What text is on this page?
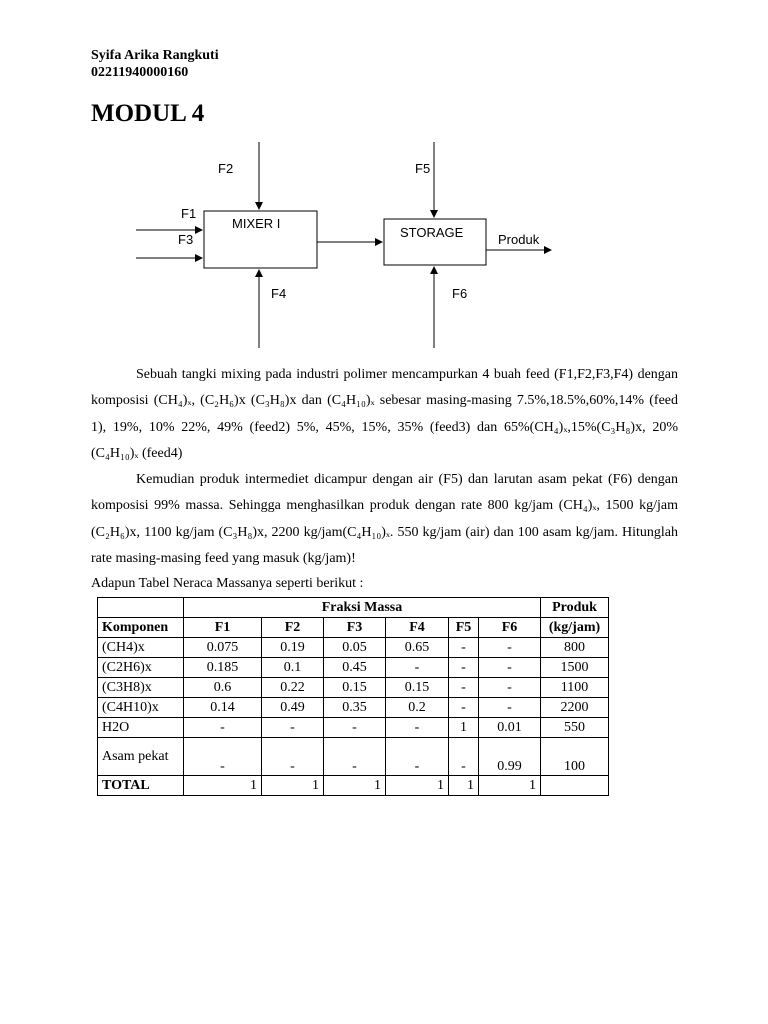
Syifa Arika Rangkuti
02211940000160
MODUL 4
MIXER I
STORAGE
F2
F1
F3
F4
F5
F6
Produk
Sebuah tangki mixing pada industri polimer mencampurkan 4 buah feed (F1,F2,F3,F4) dengan komposisi (CH₄)ₓ, (C₂H₆)x (C₃H₈)x dan (C₄H₁₀)ₓ sebesar masing-masing 7.5%,18.5%,60%,14% (feed 1), 19%, 10% 22%, 49% (feed2) 5%, 45%, 15%, 35% (feed3) dan 65%(CH₄)ₓ,15%(C₃H₈)x, 20%(C₄H₁₀)ₓ (feed4)
Kemudian produk intermediet dicampur dengan air (F5) dan larutan asam pekat (F6) dengan komposisi 99% massa. Sehingga menghasilkan produk dengan rate 800 kg/jam (CH₄)ₓ, 1500 kg/jam (C₂H₆)x, 1100 kg/jam (C₃H₈)x, 2200 kg/jam(C₄H₁₀)ₓ. 550 kg/jam (air) dan 100 asam kg/jam. Hitunglah rate masing-masing feed yang masuk (kg/jam)!
Adapun Tabel Neraca Massanya seperti berikut :
	Fraksi Massa						Produk
Komponen	F1	F2	F3	F4	F5	F6	(kg/jam)
(CH4)x	0.075	0.19	0.05	0.65	-	-	800
(C2H6)x	0.185	0.1	0.45	-	-	-	1500
(C3H8)x	0.6	0.22	0.15	0.15	-	-	1100
(C4H10)x	0.14	0.49	0.35	0.2	-	-	2200
H2O	-	-	-	-	1	0.01	550
Asam pekat	-	-	-	-	-	0.99	100
TOTAL	1	1	1	1	1	1	
